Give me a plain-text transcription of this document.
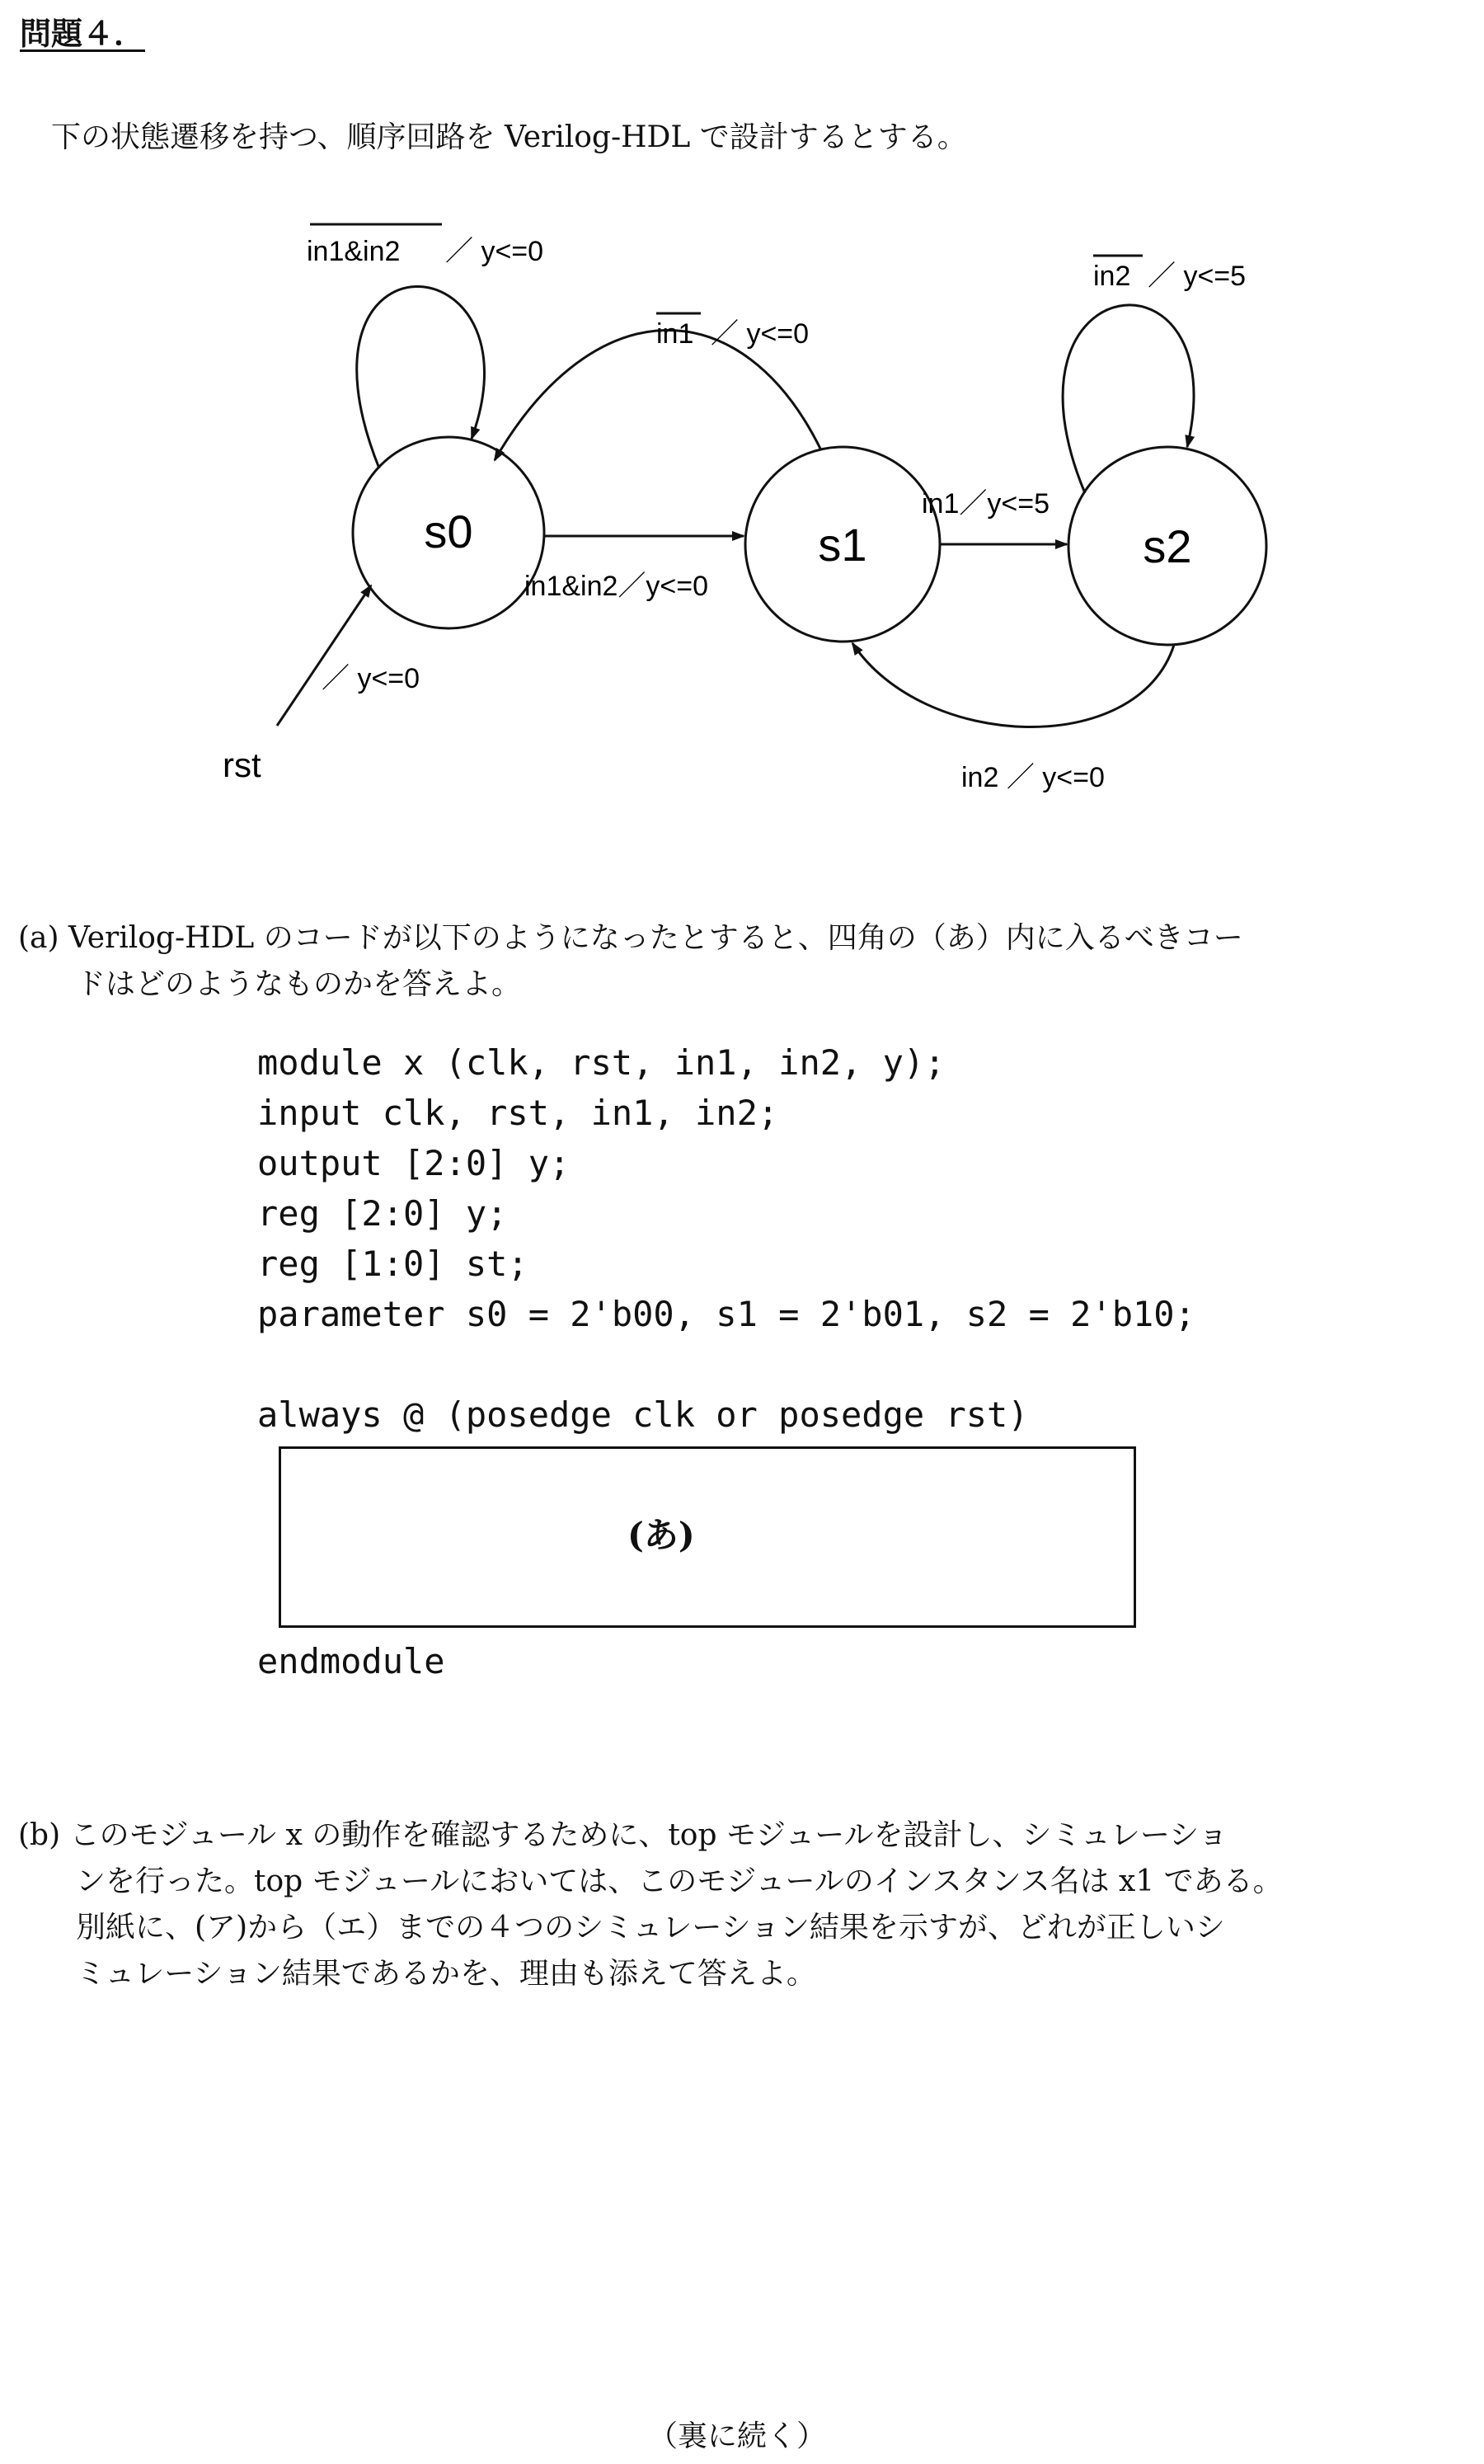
問題４．
下の状態遷移を持つ、順序回路を Verilog-HDL で設計するとする。
s0	s1	s2
in1&in2 ／ y<=0
in1 ／ y<=0
in1&in2／y<=0
in1／y<=5
in2 ／ y<=5
in2 ／ y<=0
／ y<=0
rst
(a) Verilog-HDL のコードが以下のようになったとすると、四角の（あ）内に入るべきコー
ドはどのようなものかを答えよ。
module x (clk, rst, in1, in2, y);
input clk, rst, in1, in2;
output [2:0] y;
reg [2:0] y;
reg [1:0] st;
parameter s0 = 2'b00, s1 = 2'b01, s2 = 2'b10;
always @ (posedge clk or posedge rst)
(あ)
endmodule
(b) このモジュール x の動作を確認するために、top モジュールを設計し、シミュレーショ
ンを行った。top モジュールにおいては、このモジュールのインスタンス名は x1 である。
別紙に、(ア)から（エ）までの４つのシミュレーション結果を示すが、どれが正しいシ
ミュレーション結果であるかを、理由も添えて答えよ。
（裏に続く）
